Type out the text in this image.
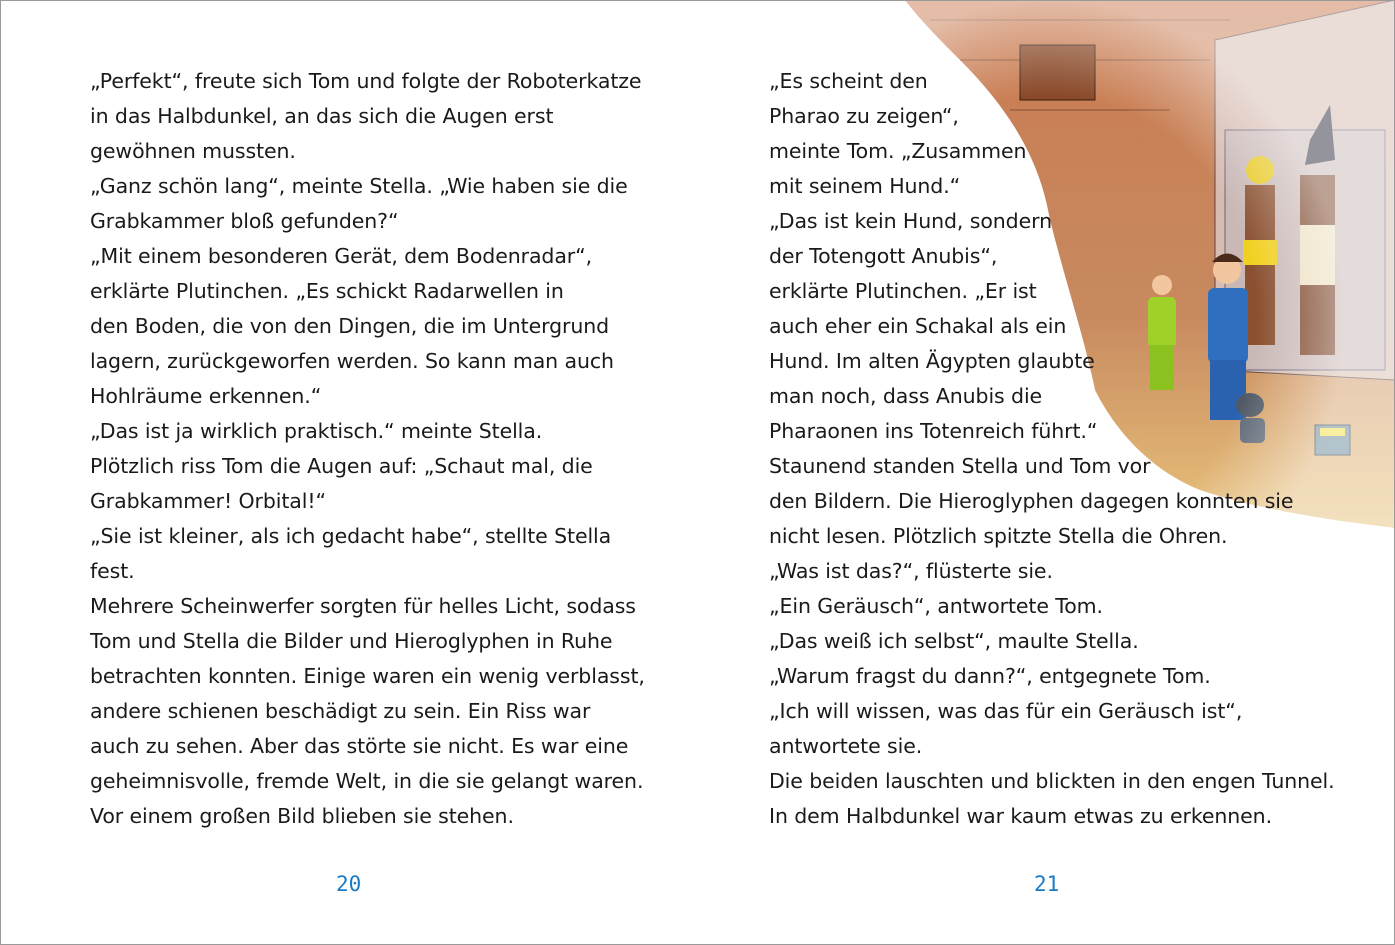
„Perfekt“, freute sich Tom und folgte der Roboterkatze
in das Halbdunkel, an das sich die Augen erst
gewöhnen mussten.
„Ganz schön lang“, meinte Stella. „Wie haben sie die
Grabkammer bloß gefunden?“
„Mit einem besonderen Gerät, dem Bodenradar“,
erklärte Plutinchen. „Es schickt Radarwellen in
den Boden, die von den Dingen, die im Untergrund
lagern, zurückgeworfen werden. So kann man auch
Hohlräume erkennen.“
„Das ist ja wirklich praktisch.“ meinte Stella.
Plötzlich riss Tom die Augen auf: „Schaut mal, die
Grabkammer! Orbital!“
„Sie ist kleiner, als ich gedacht habe“, stellte Stella
fest.
Mehrere Scheinwerfer sorgten für helles Licht, sodass
Tom und Stella die Bilder und Hieroglyphen in Ruhe
betrachten konnten. Einige waren ein wenig verblasst,
andere schienen beschädigt zu sein. Ein Riss war
auch zu sehen. Aber das störte sie nicht. Es war eine
geheimnisvolle, fremde Welt, in die sie gelangt waren.
Vor einem großen Bild blieben sie stehen.
„Es scheint den
Pharao zu zeigen“,
meinte Tom. „Zusammen
mit seinem Hund.“
„Das ist kein Hund, sondern
der Totengott Anubis“,
erklärte Plutinchen. „Er ist
auch eher ein Schakal als ein
Hund. Im alten Ägypten glaubte
man noch, dass Anubis die
Pharaonen ins Totenreich führt.“
Staunend standen Stella und Tom vor
den Bildern. Die Hieroglyphen dagegen konnten sie
nicht lesen. Plötzlich spitzte Stella die Ohren.
„Was ist das?“, flüsterte sie.
„Ein Geräusch“, antwortete Tom.
„Das weiß ich selbst“, maulte Stella.
„Warum fragst du dann?“, entgegnete Tom.
„Ich will wissen, was das für ein Geräusch ist“,
antwortete sie.
Die beiden lauschten und blickten in den engen Tunnel.
In dem Halbdunkel war kaum etwas zu erkennen.
20	21
